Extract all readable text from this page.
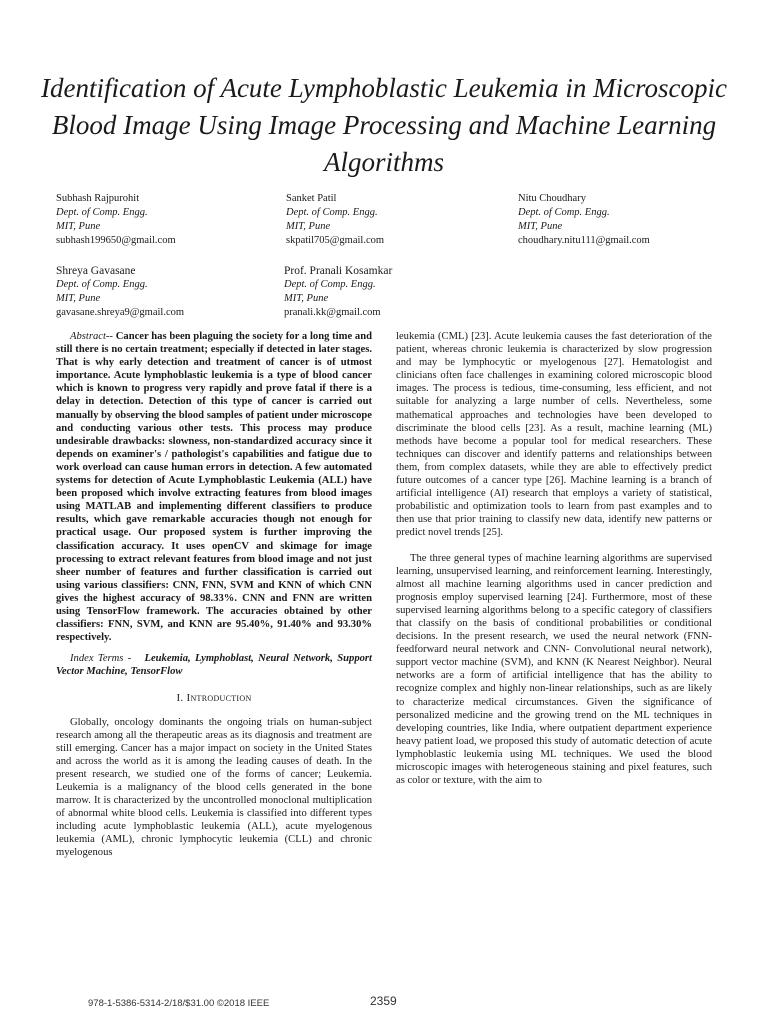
Identification of Acute Lymphoblastic Leukemia in Microscopic Blood Image Using Image Processing and Machine Learning Algorithms
Subhash Rajpurohit
Dept. of Comp. Engg.
MIT, Pune
subhash199650@gmail.com
Sanket Patil
Dept. of Comp. Engg.
MIT, Pune
skpatil705@gmail.com
Nitu Choudhary
Dept. of Comp. Engg.
MIT, Pune
choudhary.nitu111@gmail.com
Shreya Gavasane
Dept. of Comp. Engg.
MIT, Pune
gavasane.shreya9@gmail.com
Prof. Pranali Kosamkar
Dept. of Comp. Engg.
MIT, Pune
pranali.kk@gmail.com

Abstract-- Cancer has been plaguing the society for a long time and still there is no certain treatment; especially if detected in later stages. That is why early detection and treatment of cancer is of utmost importance. Acute lymphoblastic leukemia is a type of blood cancer which is known to progress very rapidly and prove fatal if there is a delay in detection. Detection of this type of cancer is carried out manually by observing the blood samples of patient under microscope and conducting various other tests. This process may produce undesirable drawbacks: slowness, non-standardized accuracy since it depends on examiner's / pathologist's capabilities and fatigue due to work overload can cause human errors in detection. A few automated systems for detection of Acute Lymphoblastic Leukemia (ALL) have been proposed which involve extracting features from blood images using MATLAB and implementing different classifiers to produce results, which gave remarkable accuracies though not enough for practical usage. Our proposed system is further improving the classification accuracy. It uses openCV and skimage for image processing to extract relevant features from blood image and not just sheer number of features and further classification is carried out using various classifiers: CNN, FNN, SVM and KNN of which CNN gives the highest accuracy of 98.33%. CNN and FNN are written using TensorFlow framework. The accuracies obtained by other classifiers: FNN, SVM, and KNN are 95.40%, 91.40% and 93.30% respectively.

Index Terms - Leukemia, Lymphoblast, Neural Network, Support Vector Machine, TensorFlow

I. Introduction

Globally, oncology dominants the ongoing trials on human-subject research among all the therapeutic areas as its diagnosis and treatment are still emerging. Cancer has a major impact on society in the United States and across the world as it is among the leading causes of death. In the present research, we studied one of the forms of cancer; Leukemia. Leukemia is a malignancy of the blood cells generated in the bone marrow. It is characterized by the uncontrolled monoclonal multiplication of abnormal white blood cells. Leukemia is classified into different types including acute lymphoblastic leukemia (ALL), acute myelogenous leukemia (AML), chronic lymphocytic leukemia (CLL) and chronic myelogenous

leukemia (CML) [23]. Acute leukemia causes the fast deterioration of the patient, whereas chronic leukemia is characterized by slow progression and may be lymphocytic or myelogenous [27]. Hematologist and clinicians often face challenges in examining colored microscopic blood images. The process is tedious, time-consuming, less efficient, and not suitable for analyzing a large number of cells. Nevertheless, some mathematical approaches and technologies have been developed to discriminate the blood cells [23]. As a result, machine learning (ML) methods have become a popular tool for medical researchers. These techniques can discover and identify patterns and relationships between them, from complex datasets, while they are able to effectively predict future outcomes of a cancer type [26]. Machine learning is a branch of artificial intelligence (AI) research that employs a variety of statistical, probabilistic and optimization tools to learn from past examples and to then use that prior training to classify new data, identify new patterns or predict novel trends [25].

The three general types of machine learning algorithms are supervised learning, unsupervised learning, and reinforcement learning. Interestingly, almost all machine learning algorithms used in cancer prediction and prognosis employ supervised learning [24]. Furthermore, most of these supervised learning algorithms belong to a specific category of classifiers that classify on the basis of conditional probabilities or conditional decisions. In the present research, we used the neural network (FNN- feedforward neural network and CNN- Convolutional neural network), support vector machine (SVM), and KNN (K Nearest Neighbor). Neural networks are a form of artificial intelligence that has the ability to recognize complex and highly non-linear relationships, such as are likely to characterize medical circumstances. Given the significance of personalized medicine and the growing trend on the ML techniques in developing countries, like India, where outpatient department experience heavy patient load, we proposed this study of automatic detection of acute lymphoblastic leukemia using ML techniques. We used the blood microscopic images with heterogeneous staining and pixel features, such as color or texture, with the aim to

978-1-5386-5314-2/18/$31.00 ©2018 IEEE	2359
